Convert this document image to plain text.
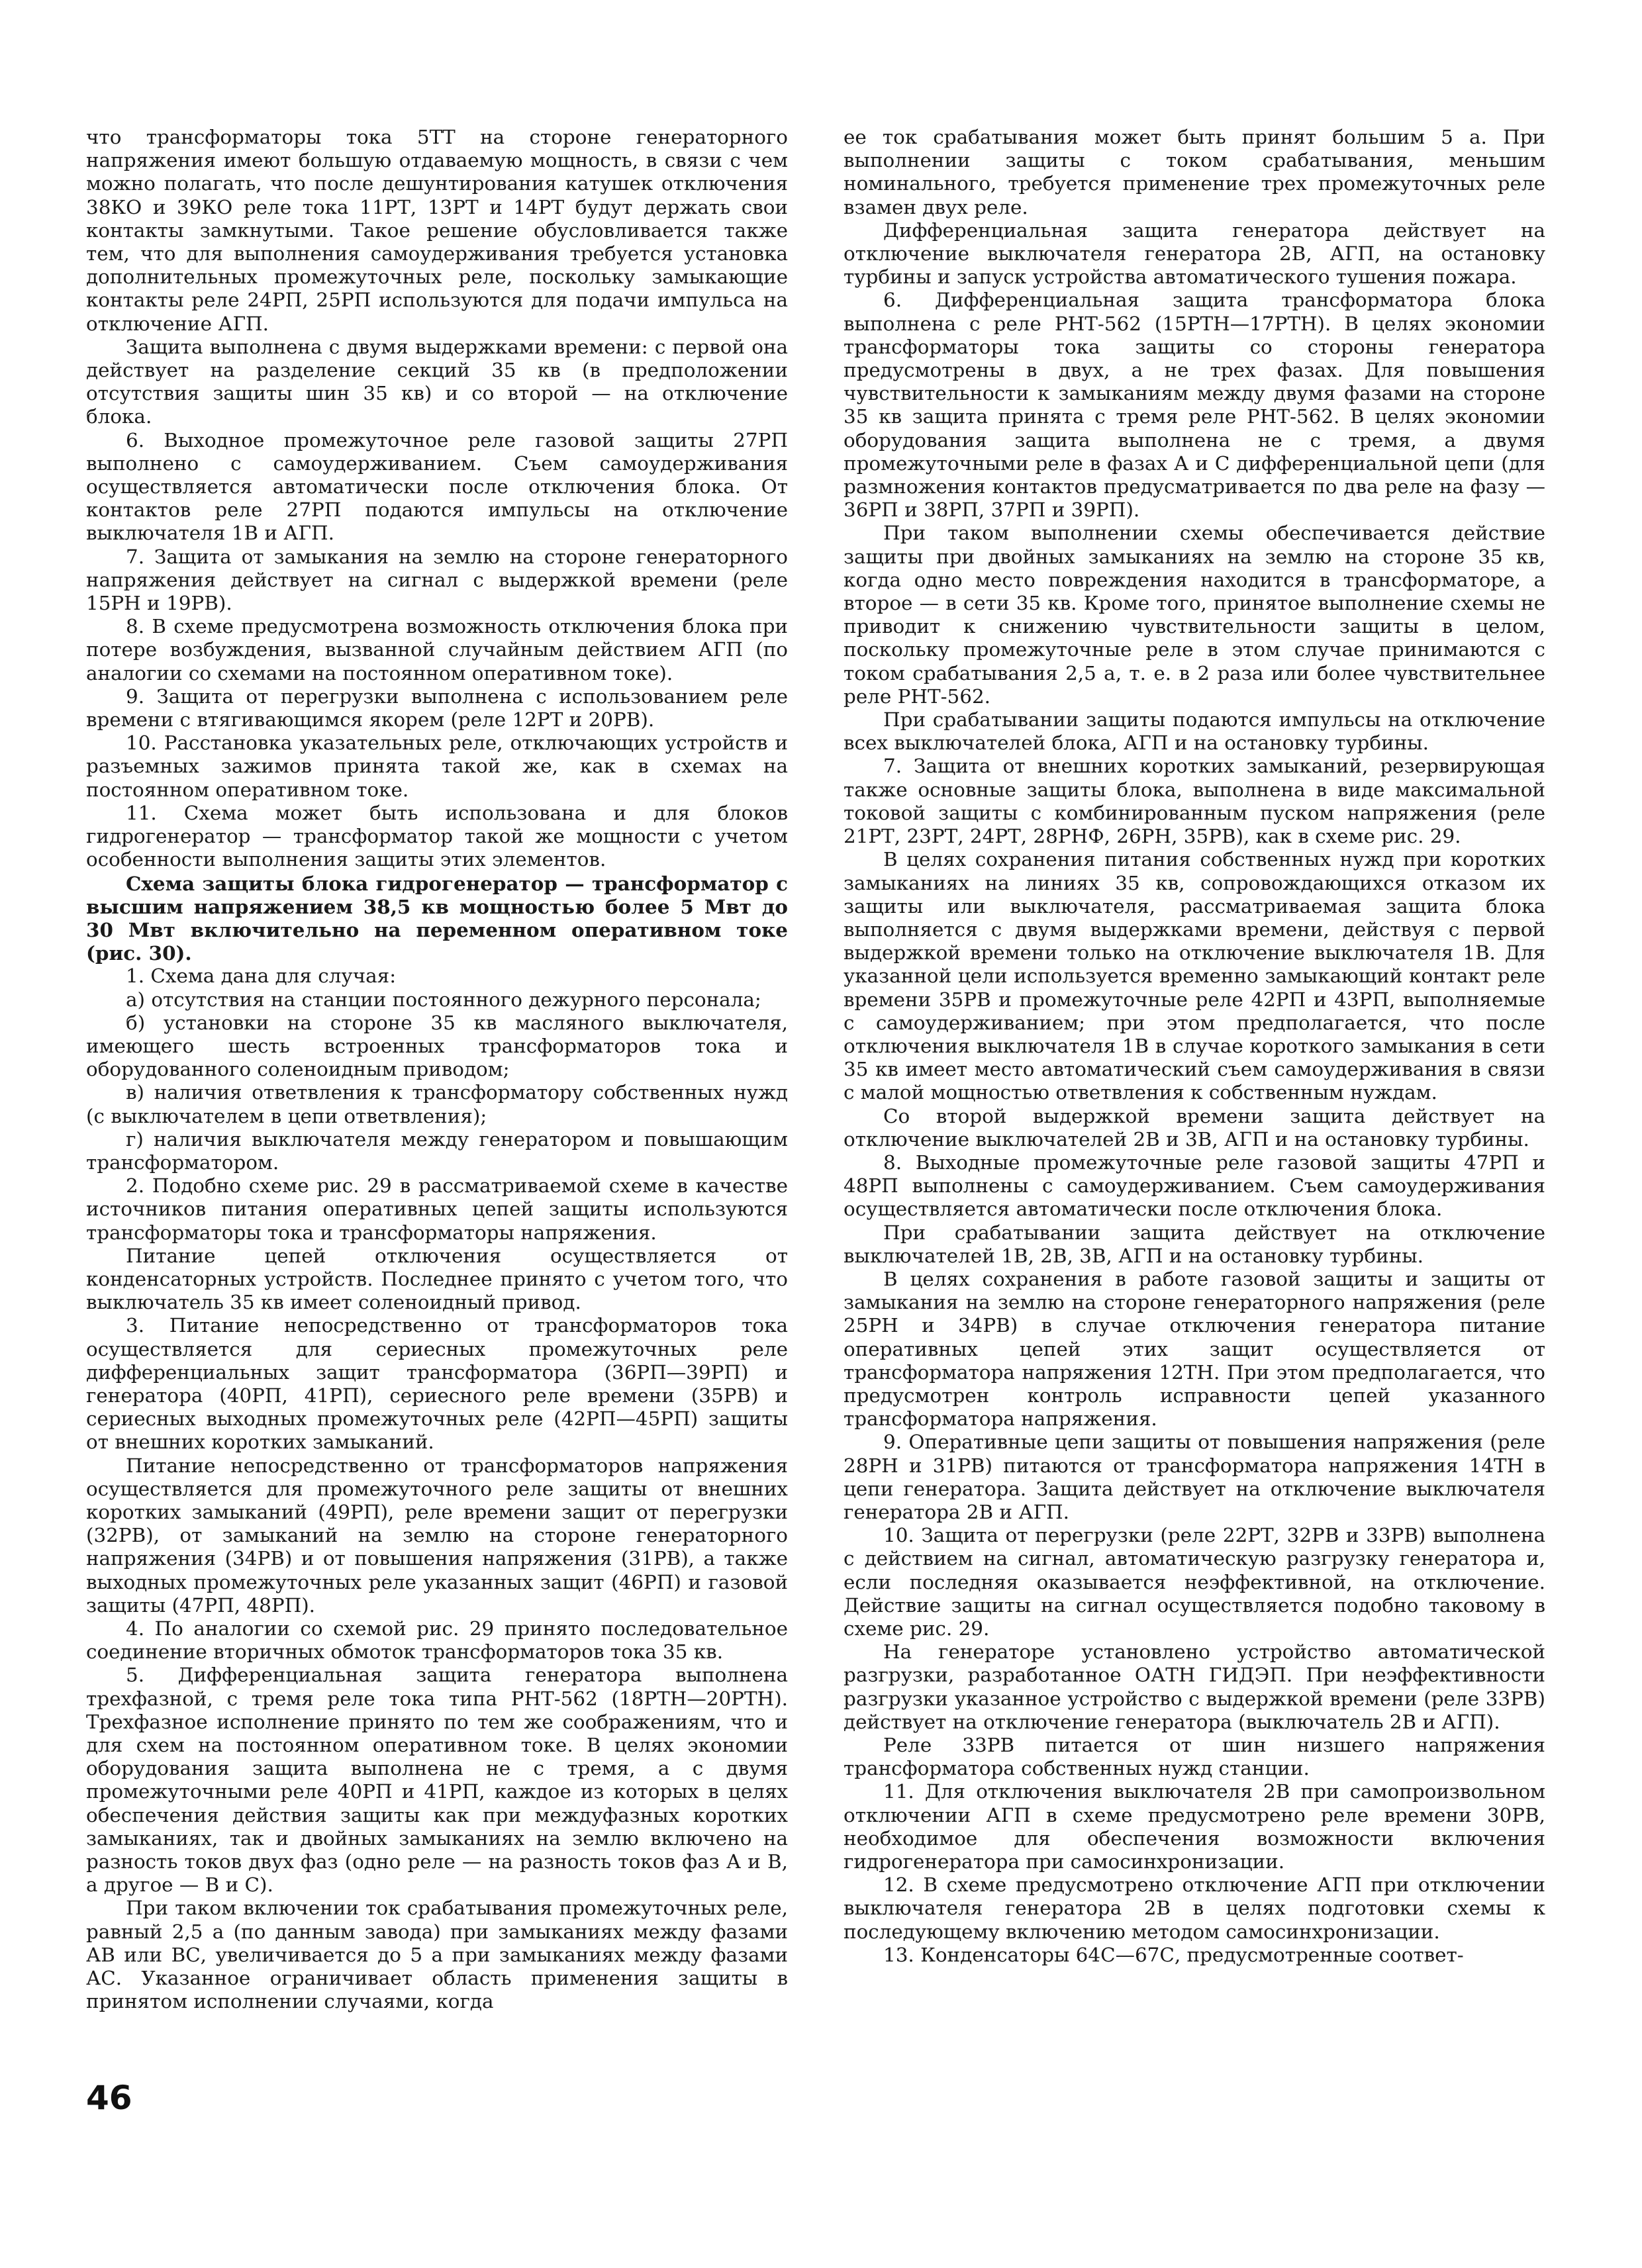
что трансформаторы тока 5ТТ на стороне генераторного напряжения имеют большую отдаваемую мощность, в связи с чем можно полагать, что после дешунтирования катушек отключения 38КО и 39КО реле тока 11РТ, 13РТ и 14РТ будут держать свои контакты замкнутыми. Такое решение обусловливается также тем, что для выполнения самоудерживания требуется установка дополнительных промежуточных реле, поскольку замыкающие контакты реле 24РП, 25РП используются для подачи импульса на отключение АГП.

Защита выполнена с двумя выдержками времени: с первой она действует на разделение секций 35 кв (в предположении отсутствия защиты шин 35 кв) и со второй — на отключение блока.

6. Выходное промежуточное реле газовой защиты 27РП выполнено с самоудерживанием. Съем самоудерживания осуществляется автоматически после отключения блока. От контактов реле 27РП подаются импульсы на отключение выключателя 1В и АГП.

7. Защита от замыкания на землю на стороне генераторного напряжения действует на сигнал с выдержкой времени (реле 15РН и 19РВ).

8. В схеме предусмотрена возможность отключения блока при потере возбуждения, вызванной случайным действием АГП (по аналогии со схемами на постоянном оперативном токе).

9. Защита от перегрузки выполнена с использованием реле времени с втягивающимся якорем (реле 12РТ и 20РВ).

10. Расстановка указательных реле, отключающих устройств и разъемных зажимов принята такой же, как в схемах на постоянном оперативном токе.

11. Схема может быть использована и для блоков гидрогенератор — трансформатор такой же мощности с учетом особенности выполнения защиты этих элементов.

Схема защиты блока гидрогенератор — трансформатор с высшим напряжением 38,5 кв мощностью более 5 Мвт до 30 Мвт включительно на переменном оперативном токе (рис. 30).

1. Схема дана для случая:

а) отсутствия на станции постоянного дежурного персонала;

б) установки на стороне 35 кв масляного выключателя, имеющего шесть встроенных трансформаторов тока и оборудованного соленоидным приводом;

в) наличия ответвления к трансформатору собственных нужд (с выключателем в цепи ответвления);

г) наличия выключателя между генератором и повышающим трансформатором.

2. Подобно схеме рис. 29 в рассматриваемой схеме в качестве источников питания оперативных цепей защиты используются трансформаторы тока и трансформаторы напряжения.

Питание цепей отключения осуществляется от конденсаторных устройств. Последнее принято с учетом того, что выключатель 35 кв имеет соленоидный привод.

3. Питание непосредственно от трансформаторов тока осуществляется для сериесных промежуточных реле дифференциальных защит трансформатора (36РП—39РП) и генератора (40РП, 41РП), сериесного реле времени (35РВ) и сериесных выходных промежуточных реле (42РП—45РП) защиты от внешних коротких замыканий.

Питание непосредственно от трансформаторов напряжения осуществляется для промежуточного реле защиты от внешних коротких замыканий (49РП), реле времени защит от перегрузки (32РВ), от замыканий на землю на стороне генераторного напряжения (34РВ) и от повышения напряжения (31РВ), а также выходных промежуточных реле указанных защит (46РП) и газовой защиты (47РП, 48РП).

4. По аналогии со схемой рис. 29 принято последовательное соединение вторичных обмоток трансформаторов тока 35 кв.

5. Дифференциальная защита генератора выполнена трехфазной, с тремя реле тока типа РНТ-562 (18РТН—20РТН). Трехфазное исполнение принято по тем же соображениям, что и для схем на постоянном оперативном токе. В целях экономии оборудования защита выполнена не с тремя, а с двумя промежуточными реле 40РП и 41РП, каждое из которых в целях обеспечения действия защиты как при междуфазных коротких замыканиях, так и двойных замыканиях на землю включено на разность токов двух фаз (одно реле — на разность токов фаз А и В, а другое — В и С).

При таком включении ток срабатывания промежуточных реле, равный 2,5 а (по данным завода) при замыканиях между фазами АВ или ВС, увеличивается до 5 а при замыканиях между фазами АС. Указанное ограничивает область применения защиты в принятом исполнении случаями, когда

ее ток срабатывания может быть принят большим 5 а. При выполнении защиты с током срабатывания, меньшим номинального, требуется применение трех промежуточных реле взамен двух реле.

Дифференциальная защита генератора действует на отключение выключателя генератора 2В, АГП, на остановку турбины и запуск устройства автоматического тушения пожара.

6. Дифференциальная защита трансформатора блока выполнена с реле РНТ-562 (15РТН—17РТН). В целях экономии трансформаторы тока защиты со стороны генератора предусмотрены в двух, а не трех фазах. Для повышения чувствительности к замыканиям между двумя фазами на стороне 35 кв защита принята с тремя реле РНТ-562. В целях экономии оборудования защита выполнена не с тремя, а двумя промежуточными реле в фазах А и С дифференциальной цепи (для размножения контактов предусматривается по два реле на фазу — 36РП и 38РП, 37РП и 39РП).

При таком выполнении схемы обеспечивается действие защиты при двойных замыканиях на землю на стороне 35 кв, когда одно место повреждения находится в трансформаторе, а второе — в сети 35 кв. Кроме того, принятое выполнение схемы не приводит к снижению чувствительности защиты в целом, поскольку промежуточные реле в этом случае принимаются с током срабатывания 2,5 а, т. е. в 2 раза или более чувствительнее реле РНТ-562.

При срабатывании защиты подаются импульсы на отключение всех выключателей блока, АГП и на остановку турбины.

7. Защита от внешних коротких замыканий, резервирующая также основные защиты блока, выполнена в виде максимальной токовой защиты с комбинированным пуском напряжения (реле 21РТ, 23РТ, 24РТ, 28РНФ, 26РН, 35РВ), как в схеме рис. 29.

В целях сохранения питания собственных нужд при коротких замыканиях на линиях 35 кв, сопровождающихся отказом их защиты или выключателя, рассматриваемая защита блока выполняется с двумя выдержками времени, действуя с первой выдержкой времени только на отключение выключателя 1В. Для указанной цели используется временно замыкающий контакт реле времени 35РВ и промежуточные реле 42РП и 43РП, выполняемые с самоудерживанием; при этом предполагается, что после отключения выключателя 1В в случае короткого замыкания в сети 35 кв имеет место автоматический съем самоудерживания в связи с малой мощностью ответвления к собственным нуждам.

Со второй выдержкой времени защита действует на отключение выключателей 2В и 3В, АГП и на остановку турбины.

8. Выходные промежуточные реле газовой защиты 47РП и 48РП выполнены с самоудерживанием. Съем самоудерживания осуществляется автоматически после отключения блока.

При срабатывании защита действует на отключение выключателей 1В, 2В, 3В, АГП и на остановку турбины.

В целях сохранения в работе газовой защиты и защиты от замыкания на землю на стороне генераторного напряжения (реле 25РН и 34РВ) в случае отключения генератора питание оперативных цепей этих защит осуществляется от трансформатора напряжения 12ТН. При этом предполагается, что предусмотрен контроль исправности цепей указанного трансформатора напряжения.

9. Оперативные цепи защиты от повышения напряжения (реле 28РН и 31РВ) питаются от трансформатора напряжения 14ТН в цепи генератора. Защита действует на отключение выключателя генератора 2В и АГП.

10. Защита от перегрузки (реле 22РТ, 32РВ и 33РВ) выполнена с действием на сигнал, автоматическую разгрузку генератора и, если последняя оказывается неэффективной, на отключение. Действие защиты на сигнал осуществляется подобно таковому в схеме рис. 29.

На генераторе установлено устройство автоматической разгрузки, разработанное ОАТН ГИДЭП. При неэффективности разгрузки указанное устройство с выдержкой времени (реле 33РВ) действует на отключение генератора (выключатель 2В и АГП).

Реле 33РВ питается от шин низшего напряжения трансформатора собственных нужд станции.

11. Для отключения выключателя 2В при самопроизвольном отключении АГП в схеме предусмотрено реле времени 30РВ, необходимое для обеспечения возможности включения гидрогенератора при самосинхронизации.

12. В схеме предусмотрено отключение АГП при отключении выключателя генератора 2В в целях подготовки схемы к последующему включению методом самосинхронизации.

13. Конденсаторы 64С—67С, предусмотренные соответ-

46
